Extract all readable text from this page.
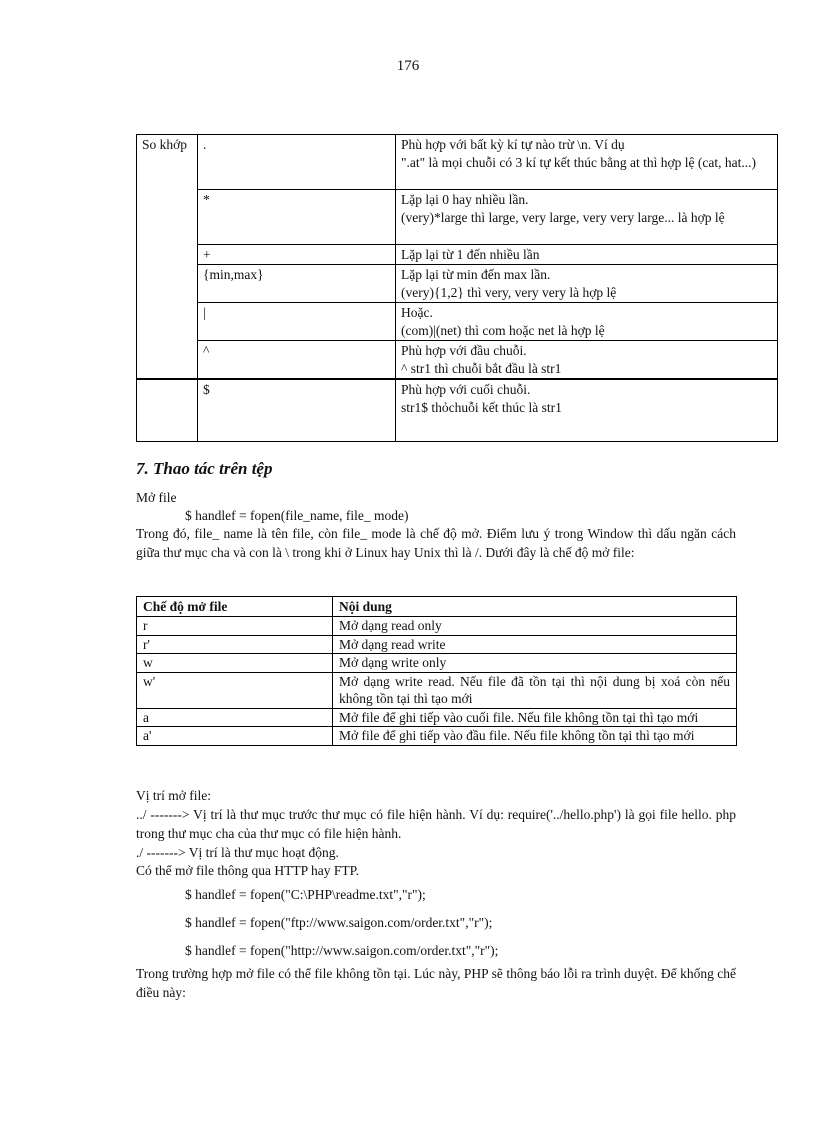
176
So khớp	.	Phù hợp với bất kỳ kí tự nào trừ \n. Ví dụ
".at" là mọi chuỗi có 3 kí tự kết thúc bằng at thì hợp lệ (cat, hat...)

	*	Lặp lại 0 hay nhiều lần.
(very)*large thì large, very large, very very large... là hợp lệ

	+	Lặp lại từ 1 đến nhiều lần

	{min,max}	Lặp lại từ min đến max lần.
(very){1,2} thì very, very very là hợp lệ

	|	Hoặc.
(com)|(net) thì com hoặc net là hợp lệ

	^	Phù hợp với đầu chuỗi.
^ str1 thì chuỗi bắt đầu là str1

	$	Phù hợp với cuối chuỗi.
str1$ thỏchuỗi kết thúc là str1
7. Thao tác trên tệp
Mở file
$ handlef = fopen(file_name, file_ mode)
Trong đó, file_ name là tên file, còn file_ mode là chế độ mở. Điểm lưu ý trong Window thì dấu ngăn cách giữa thư mục cha và con là \ trong khi ở Linux hay Unix thì là /. Dưới đây là chế độ mở file:
Chế độ mở file	Nội dung
r	Mở dạng read only
r'	Mở dạng read write
w	Mở dạng write only
w'	Mở dạng write read. Nếu file đã tồn tại thì nội dung bị xoá còn nếu không tồn tại thì tạo mới
a	Mở file để ghi tiếp vào cuối file. Nếu file không tồn tại thì tạo mới
a'	Mở file để ghi tiếp vào đầu file. Nếu file không tồn tại thì tạo mới
Vị trí mở file:
../ -------> Vị trí là thư mục trước thư mục có file hiện hành. Ví dụ: require('../hello.php') là gọi file hello. php trong thư mục cha của thư mục có file hiện hành.
./ -------> Vị trí là thư mục hoạt động.
Có thể mở file thông qua HTTP hay FTP.
$ handlef = fopen("C:\PHP\readme.txt","r");
$ handlef = fopen("ftp://www.saigon.com/order.txt","r");
$ handlef = fopen("http://www.saigon.com/order.txt","r");
Trong trường hợp mở file có thể file không tồn tại. Lúc này, PHP sẽ thông báo lỗi ra trình duyệt. Để khống chế điều này:
